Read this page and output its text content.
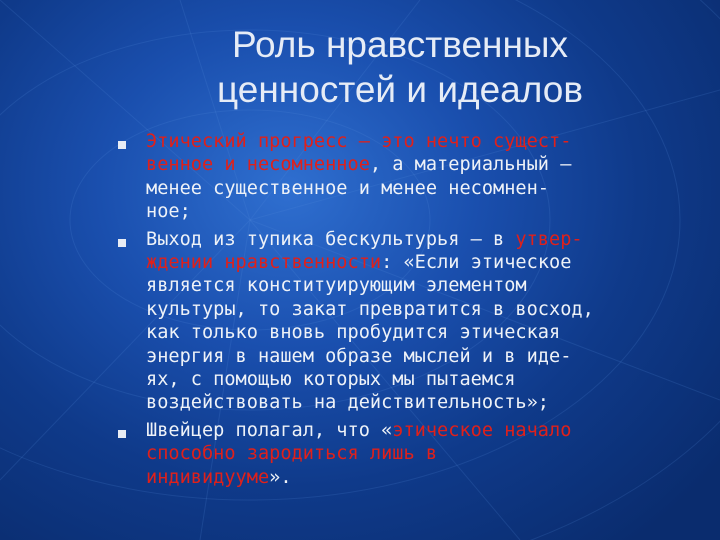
Роль нравственных
ценностей и идеалов
Этический прогресс – это нечто сущест-
венное и несомненное, а материальный –
менее существенное и менее несомнен-
ное;
Выход из тупика бескультурья – в утвер-
ждении нравственности: «Если этическое
является конституирующим элементом
культуры, то закат превратится в восход,
как только вновь пробудится этическая
энергия в нашем образе мыслей и в иде-
ях, с помощью которых мы пытаемся
воздействовать на действительность»;
Швейцер полагал, что «этическое начало
способно зародиться лишь в
индивидууме».
